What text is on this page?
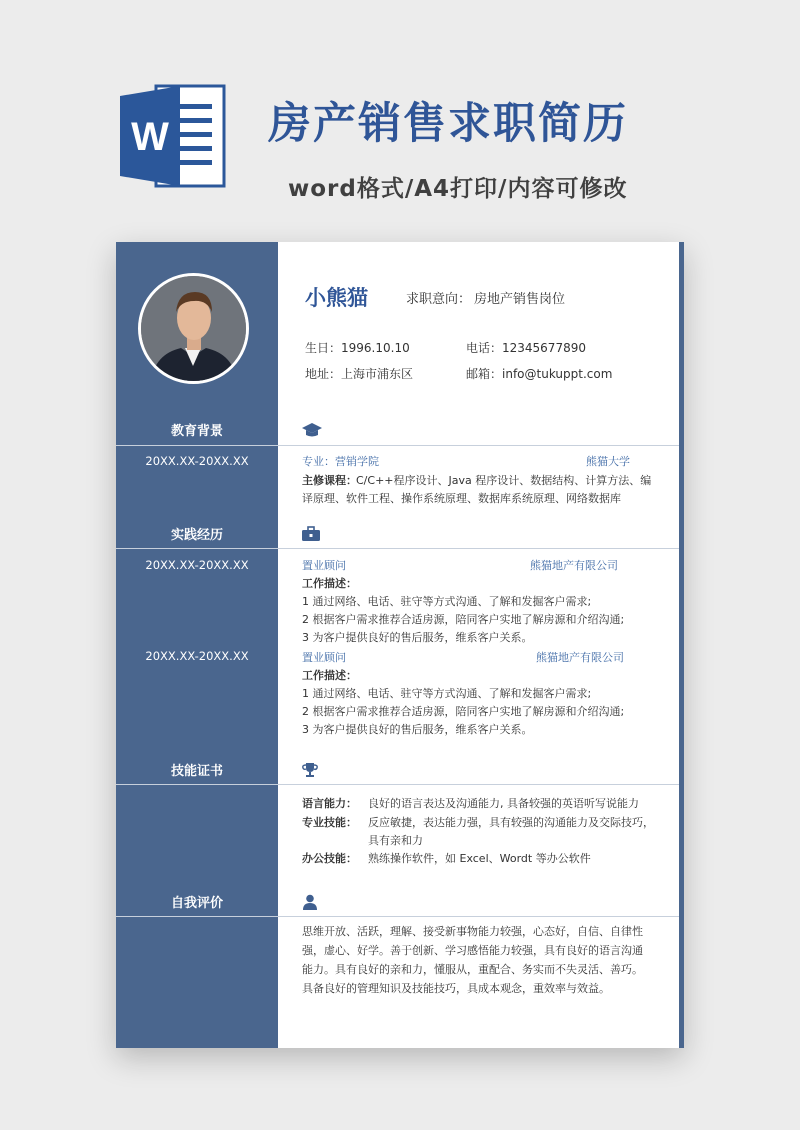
W 房产销售求职简历
word格式/A4打印/内容可修改
小熊猫	求职意向： 房地产销售岗位
生日：1996.10.10	电话：12345677890
地址：上海市浦东区	邮箱：info@tukuppt.com
教育背景
20XX.XX-20XX.XX	专业：营销学院	熊猫大学
主修课程： C/C++程序设计、Java 程序设计、数据结构、计算方法、编
译原理、软件工程、操作系统原理、数据库系统原理、网络数据库
实践经历
20XX.XX-20XX.XX	置业顾问	熊猫地产有限公司
工作描述：
1 通过网络、电话、驻守等方式沟通、了解和发掘客户需求;
2 根据客户需求推荐合适房源，陪同客户实地了解房源和介绍沟通;
3 为客户提供良好的售后服务，维系客户关系。
20XX.XX-20XX.XX	置业顾问	熊猫地产有限公司
工作描述：
1 通过网络、电话、驻守等方式沟通、了解和发掘客户需求;
2 根据客户需求推荐合适房源，陪同客户实地了解房源和介绍沟通;
3 为客户提供良好的售后服务，维系客户关系。
技能证书
语言能力： 良好的语言表达及沟通能力, 具备较强的英语听写说能力
专业技能： 反应敏捷，表达能力强，具有较强的沟通能力及交际技巧，
具有亲和力
办公技能： 熟练操作软件，如 Excel、Wordt 等办公软件
自我评价
思维开放、活跃，理解、接受新事物能力较强，心态好，自信、自律性
强，虚心、好学。善于创新、学习感悟能力较强，具有良好的语言沟通
能力。具有良好的亲和力，懂服从，重配合、务实而不失灵活、善巧。
具备良好的管理知识及技能技巧，具成本观念，重效率与效益。
